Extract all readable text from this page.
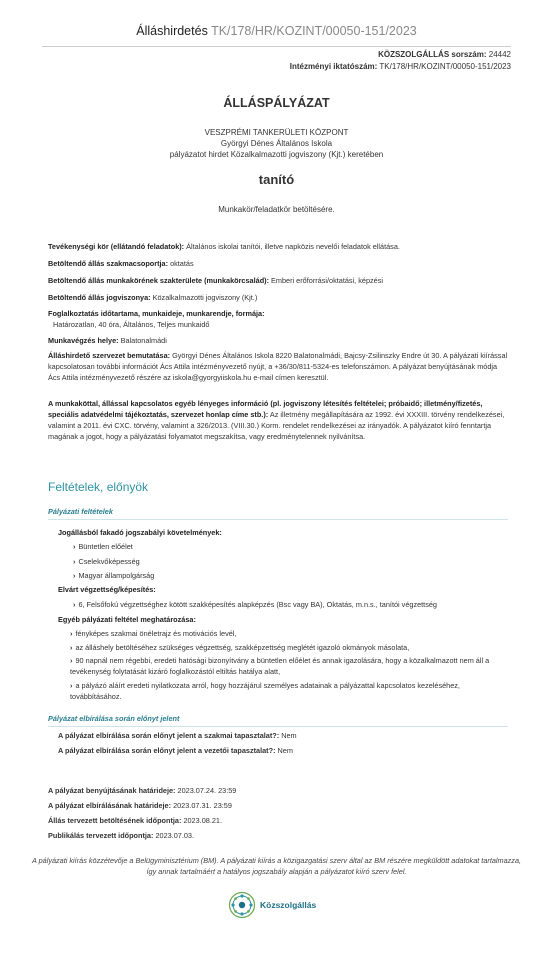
Álláshirdetés TK/178/HR/KOZINT/00050-151/2023
KÖZSZOLGÁLLÁS sorszám: 24442
Intézményi iktatószám: TK/178/HR/KOZINT/00050-151/2023
ÁLLÁSPÁLYÁZAT
VESZPRÉMI TANKERÜLETI KÖZPONT
Györgyi Dénes Általános Iskola
pályázatot hirdet Közalkalmazotti jogviszony (Kjt.) keretében
tanító
Munkakör/feladatkör betöltésére.
Tevékenységi kör (ellátandó feladatok): Általános iskolai tanítói, illetve napközis nevelői feladatok ellátása.
Betöltendő állás szakmacsoportja: oktatás
Betöltendő állás munkakörének szakterülete (munkakörcsalád): Emberi erőforrási/oktatási, képzési
Betöltendő állás jogviszonya: Közalkalmazotti jogviszony (Kjt.)
Foglalkoztatás időtartama, munkaideje, munkarendje, formája:
Határozatlan, 40 óra, Általános, Teljes munkaidő
Munkavégzés helye: Balatonalmádi
Álláshirdető szervezet bemutatása: Györgyi Dénes Általános Iskola 8220 Balatonalmádi, Bajcsy-Zsilinszky Endre út 30. A pályázati kiírással kapcsolatosan további információt Ács Attila intézményvezető nyújt, a +36/30/811-5324-es telefonszámon. A pályázat benyújtásának módja Ács Attila intézményvezető részére az iskola@gyorgyiiskola.hu e-mail címen keresztül.
A munkaköttal, állással kapcsolatos egyéb lényeges információ (pl. jogviszony létesítés feltételei; próbaidő; illetmény/fizetés, speciális adatvédelmi tájékoztatás, szervezet honlap címe stb.): Az illetmény megállapítására az 1992. évi XXXIII. törvény rendelkezései, valamint a 2011. évi CXC. törvény, valamint a 326/2013. (VIII.30.) Korm. rendelet rendelkezései az irányadók. A pályázatot kiíró fenntartja magának a jogot, hogy a pályázatási folyamatot megszakítsa, vagy eredménytelennek nyilvánítsa.
Feltételek, előnyök
Pályázati feltételek
Jogállásból fakadó jogszabályi követelmények:
› Büntetlen előélet
› Cselekvőképesség
› Magyar állampolgárság
Elvárt végzettség/képesítés:
› 6, Felsőfokú végzettséghez kötött szakképesítés alapképzés (Bsc vagy BA), Oktatás, m.n.s., tanítói végzettség
Egyéb pályázati feltétel meghatározása:
› fényképes szakmai önéletrajz és motivációs levél,
› az álláshely betöltéséhez szükséges végzettség, szakképzettség meglétét igazoló okmányok másolata,
› 90 napnál nem régebbi, eredeti hatósági bizonyítvány a büntetlen előélet és annak igazolására, hogy a közalkalmazott nem áll a tevékenység folytatását kizáró foglalkozástól eltiltás hatálya alatt,
› a pályázó aláírt eredeti nyilatkozata arról, hogy hozzájárul személyes adatainak a pályázattal kapcsolatos kezeléséhez, továbbításához.
Pályázat elbírálása során előnyt jelent
A pályázat elbírálása során előnyt jelent a szakmai tapasztalat?: Nem
A pályázat elbírálása során előnyt jelent a vezetői tapasztalat?: Nem
A pályázat benyújtásának határideje: 2023.07.24. 23:59
A pályázat elbírálásának határideje: 2023.07.31. 23:59
Állás tervezett betöltésének időpontja: 2023.08.21.
Publikálás tervezett időpontja: 2023.07.03.
A pályázati kiírás közzétevője a Belügyminisztérium (BM). A pályázati kiírás a közigazgatási szerv által az BM részére megküldött adatokat tartalmazza, így annak tartalmáért a hatályos jogszabály alapján a pályázatot kiíró szerv felel.
Közszolgállás
